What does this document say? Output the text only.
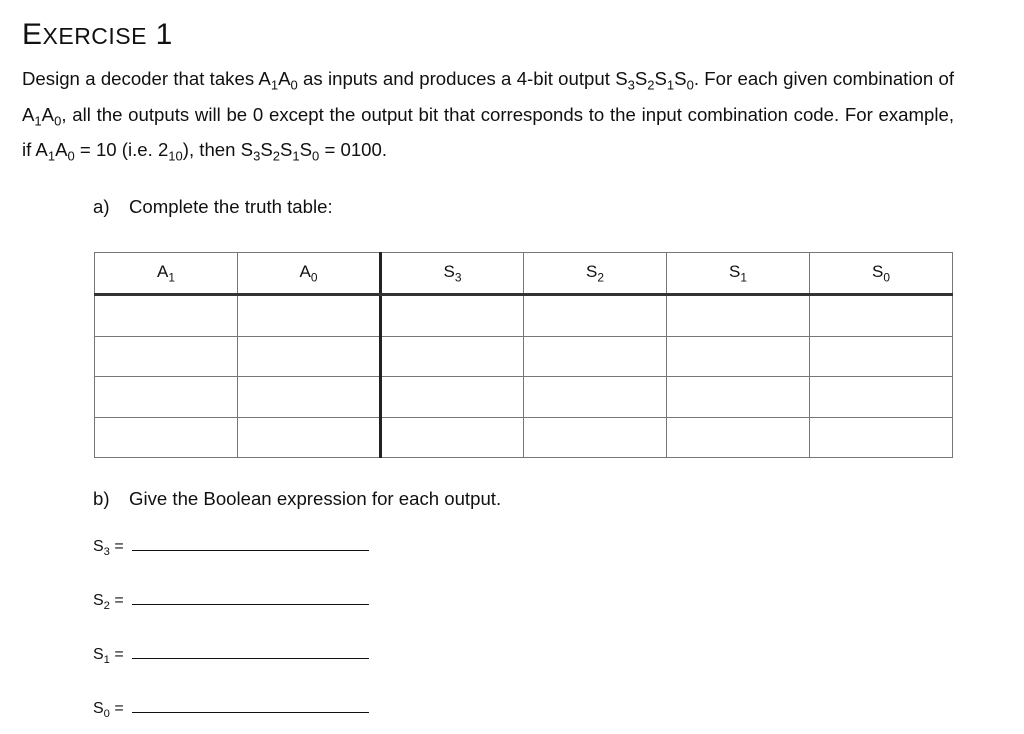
EXERCISE 1
Design a decoder that takes $A_1A_0$ as inputs and produces a 4-bit output $S_3S_2S_1S_0$. For each given combination of $A_1A_0$, all the outputs will be 0 except the output bit that corresponds to the input combination code. For example, if $A_1A_0 = 10$ (i.e. $2_{10}$), then $S_3S_2S_1S_0 = 0100$.
a) Complete the truth table:
$A_1$	$A_0$	$S_3$	$S_2$	$S_1$	$S_0$

b) Give the Boolean expression for each output.
$S_3$ =
$S_2$ =
$S_1$ =
$S_0$ =
